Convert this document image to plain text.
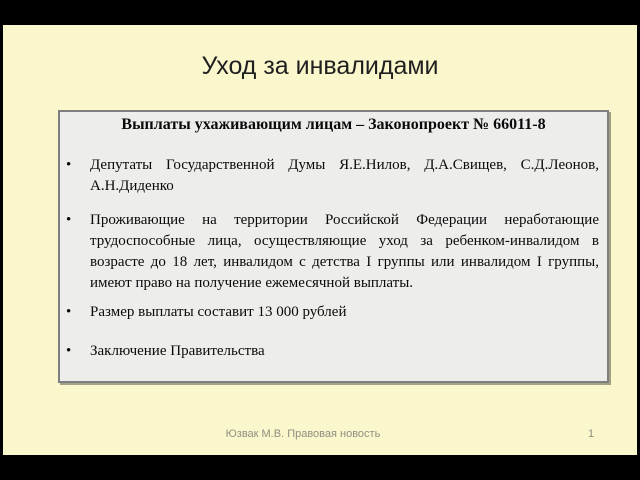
Уход за инвалидами
Выплаты ухаживающим лицам – Законопроект № 66011-8
• Депутаты Государственной Думы Я.Е.Нилов, Д.А.Свищев, С.Д.Леонов, А.Н.Диденко
• Проживающие на территории Российской Федерации неработающие трудоспособные лица, осуществляющие уход за ребенком-инвалидом в возрасте до 18 лет, инвалидом с детства I группы или инвалидом I группы, имеют право на получение ежемесячной выплаты.
• Размер выплаты составит 13 000 рублей
• Заключение Правительства
Юзвак М.В. Правовая новость	1
